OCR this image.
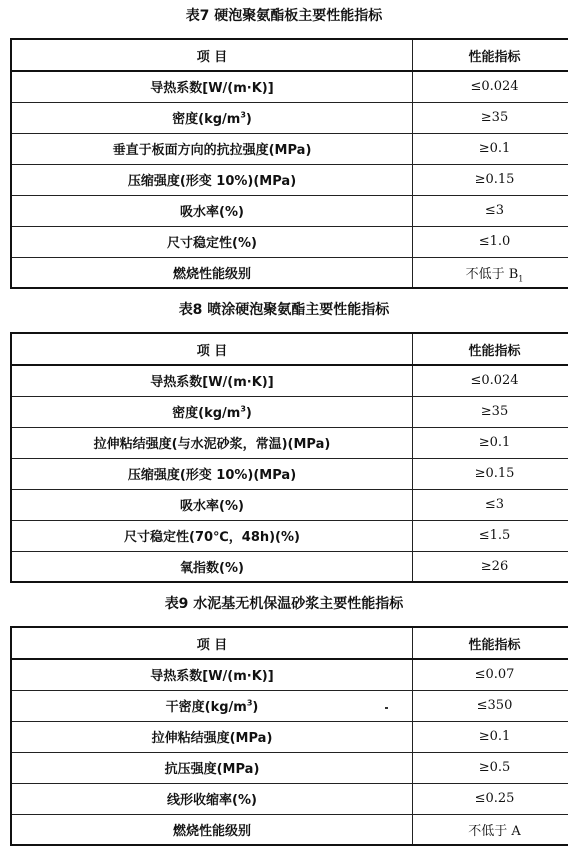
表7 硬泡聚氨酯板主要性能指标
项 目	性能指标
导热系数[W/(m·K)]	≤0.024
密度$(kg/m^3)$	≥35
垂直于板面方向的抗拉强度(MPa)	≥0.1
压缩强度(形变 10%)(MPa)	≥0.15
吸水率(%)	≤3
尺寸稳定性(%)	≤1.0
燃烧性能级别	不低于 $B_1$
表8 喷涂硬泡聚氨酯主要性能指标
项 目	性能指标
导热系数[W/(m·K)]	≤0.024
密度$(kg/m^3)$	≥35
拉伸粘结强度(与水泥砂浆，常温)(MPa)	≥0.1
压缩强度(形变 10%)(MPa)	≥0.15
吸水率(%)	≤3
尺寸稳定性(70℃，48h)(%)	≤1.5
氧指数(%)	≥26
表9 水泥基无机保温砂浆主要性能指标
项 目	性能指标
导热系数[W/(m·K)]	≤0.07
干密度$(kg/m^3)$	≤350
拉伸粘结强度(MPa)	≥0.1
抗压强度(MPa)	≥0.5
线形收缩率(%)	≤0.25
燃烧性能级别	不低于 A
